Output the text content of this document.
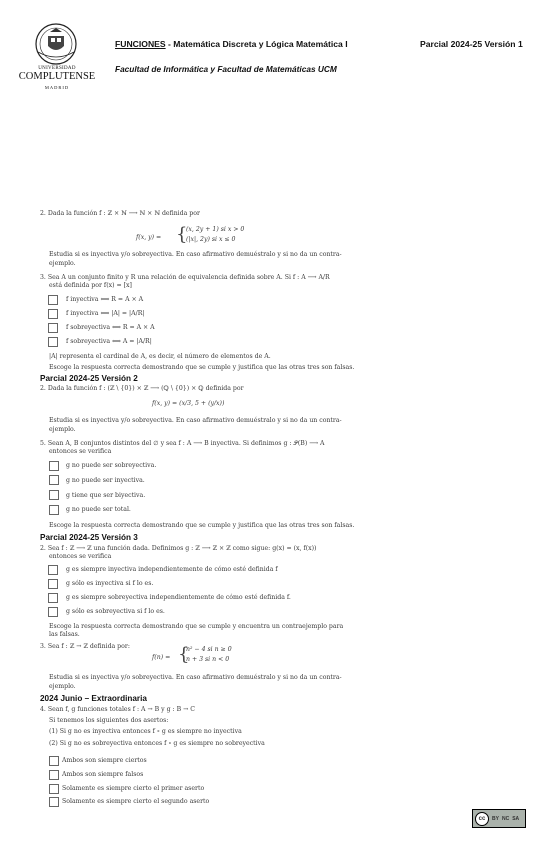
UNIVERSIDAD
COMPLUTENSE
MADRID
FUNCIONES - Matemática Discreta y Lógica Matemática I	Parcial 2024-25 Versión 1
Facultad de Informática y Facultad de Matemáticas UCM
2. Dada la función f : ℤ × ℕ ⟶ ℕ × ℕ definida por
f(x, y) = {
(x, 2y + 1) si x > 0
(|x|, 2y) si x ≤ 0
Estudia si es inyectiva y/o sobreyectiva. En caso afirmativo demuéstralo y si no da un contra-
ejemplo.
3. Sea A un conjunto finito y R una relación de equivalencia definida sobre A. Si f : A ⟶ A/R
está definida por f(x) = [x]
f inyectiva ⟺ R = A × A
f inyectiva ⟺ |A| = |A/R|
f sobreyectiva ⟺ R = A × A
f sobreyectiva ⟺ A = |A/R|
|A| representa el cardinal de A, es decir, el número de elementos de A.
Escoge la respuesta correcta demostrando que se cumple y justifica que las otras tres son falsas.
Parcial 2024-25 Versión 2
2. Dada la función f : (ℤ \ {0}) × ℤ ⟶ (ℚ \ {0}) × ℚ definida por
f(x, y) = (x/3, 5 + (y/x))
Estudia si es inyectiva y/o sobreyectiva. En caso afirmativo demuéstralo y si no da un contra-
ejemplo.
5. Sean A, B conjuntos distintos del ∅ y sea f : A ⟶ B inyectiva. Si definimos g : 𝒫(B) ⟶ A
entonces se verifica
g no puede ser sobreyectiva.
g no puede ser inyectiva.
g tiene que ser biyectiva.
g no puede ser total.
Escoge la respuesta correcta demostrando que se cumple y justifica que las otras tres son falsas.
Parcial 2024-25 Versión 3
2. Sea f : ℤ ⟶ ℤ una función dada. Definimos g : ℤ ⟶ ℤ × ℤ como sigue: g(x) = (x, f(x))
entonces se verifica
g es siempre inyectiva independientemente de cómo esté definida f
g sólo es inyectiva si f lo es.
g es siempre sobreyectiva independientemente de cómo esté definida f.
g sólo es sobreyectiva si f lo es.
Escoge la respuesta correcta demostrando que se cumple y encuentra un contraejemplo para
las falsas.
3. Sea f : ℤ → ℤ definida por:
f(n) = {
n² − 4 si n ≥ 0
n + 3 si n < 0
Estudia si es inyectiva y/o sobreyectiva. En caso afirmativo demuéstralo y si no da un contra-
ejemplo.
2024 Junio – Extraordinaria
4. Sean f, g funciones totales f : A → B y g : B → C
Si tenemos los siguientes dos asertos:
(1) Si g no es inyectiva entonces f ∘ g es siempre no inyectiva
(2) Si g no es sobreyectiva entonces f ∘ g es siempre no sobreyectiva
Ambos son siempre ciertos
Ambos son siempre falsos
Solamente es siempre cierto el primer aserto
Solamente es siempre cierto el segundo aserto
cc	BY NC SA
